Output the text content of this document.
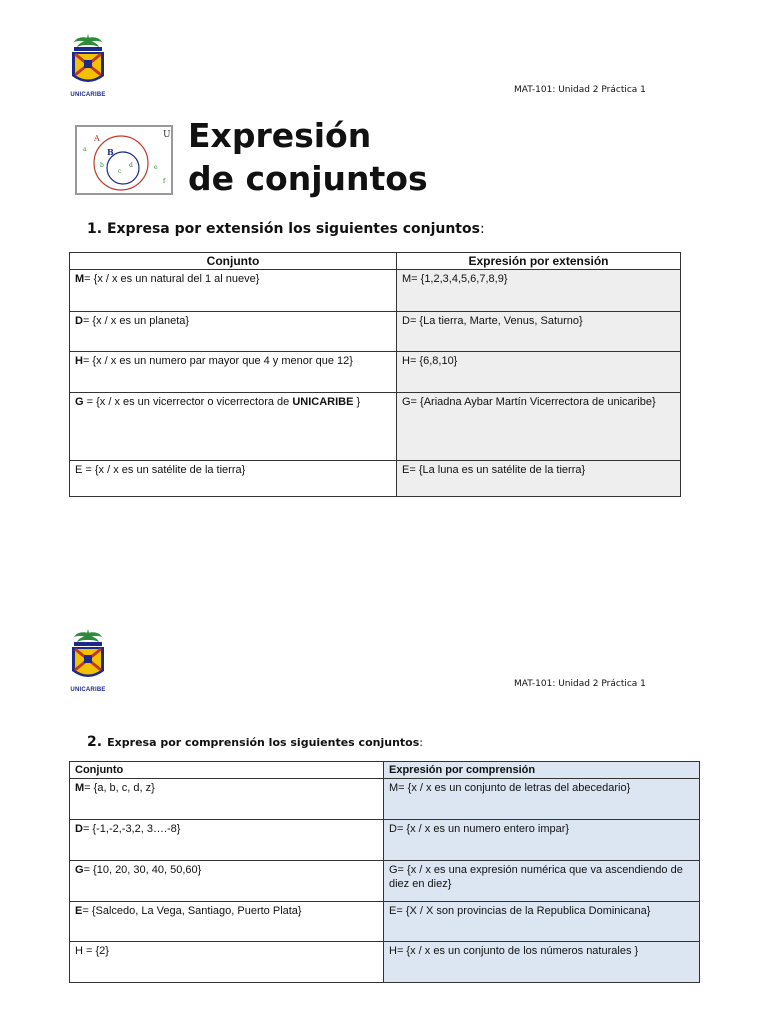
UNICARIBE	MAT-101: Unidad 2 Práctica 1
U
A
B
a
b
c
d	e
f
Expresión
de conjuntos
1. Expresa por extensión los siguientes conjuntos:
Conjunto	Expresión por extensión
M= {x / x es un natural del 1 al nueve}	M= {1,2,3,4,5,6,7,8,9}
D= {x / x es un planeta}	D= {La tierra, Marte, Venus, Saturno}
H= {x / x es un numero par mayor que 4 y menor que 12}	H= {6,8,10}
G = {x / x es un vicerrector o vicerrectora de UNICARIBE }	G= {Ariadna Aybar Martín Vicerrectora de unicaribe}
E = {x / x es un satélite de la tierra}	E= {La luna es un satélite de la tierra}
UNICARIBE
MAT-101: Unidad 2 Práctica 1
2. Expresa por comprensión los siguientes conjuntos:
Conjunto	Expresión por comprensión
M= {a, b, c, d, z}	M= {x / x es un conjunto de letras del abecedario}
D= {-1,-2,-3,2, 3….-8}	D= {x / x es un numero entero impar}
G= {10, 20, 30, 40, 50,60}	G= {x / x es una expresión numérica que va ascendiendo de diez en diez}
E= {Salcedo, La Vega, Santiago, Puerto Plata}	E= {X / X son provincias de la Republica Dominicana}
H = {2}	H= {x / x es un conjunto de los números naturales }
